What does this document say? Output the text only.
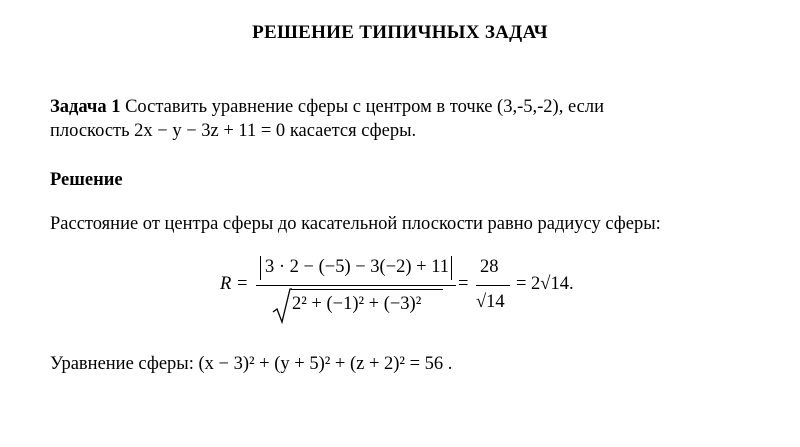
РЕШЕНИЕ ТИПИЧНЫХ ЗАДАЧ
Задача 1 Составить уравнение сферы с центром в точке (3,-5,-2), если
плоскость 2x − y − 3z + 11 = 0 касается сферы.
Решение
Расстояние от центра сферы до касательной плоскости равно радиусу сферы:
R =
3 · 2 − (−5) − 3(−2) + 11
2² + (−1)² + (−3)²
=
28
√14
= 2√14.
Уравнение сферы: (x − 3)² + (y + 5)² + (z + 2)² = 56 .
